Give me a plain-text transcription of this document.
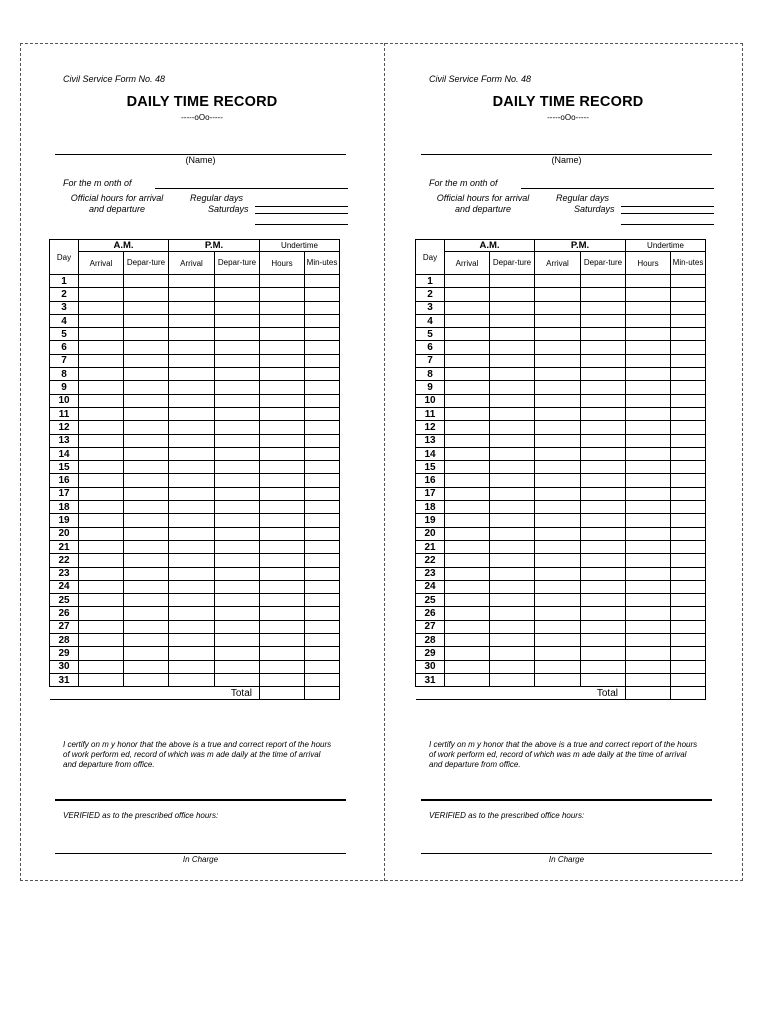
Civil Service Form No. 48
DAILY TIME RECORD
-----oOo-----
(Name)
For the m onth of
Official hours for arrival and departure
Regular days
Saturdays
Day	A.M.		P.M.		Undertime	
	Arrival	Depar-ture	Arrival	Depar-ture	Hours	Min-utes
1						
2						
3						
4						
5						
6						
7						
8						
9						
10						
11						
12						
13						
14						
15						
16						
17						
18						
19						
20						
21						
22						
23						
24						
25						
26						
27						
28						
29						
30						
31						
Total						
I certify on m y honor that the above is a true and correct report of the hours of work perform ed, record of which was m ade daily at the time of arrival and departure from office.
VERIFIED as to the prescribed office hours:
In Charge
Civil Service Form No. 48
DAILY TIME RECORD
-----oOo-----
(Name)
For the m onth of
Official hours for arrival and departure
Regular days
Saturdays
Day	A.M.		P.M.		Undertime	
	Arrival	Depar-ture	Arrival	Depar-ture	Hours	Min-utes
1						
2						
3						
4						
5						
6						
7						
8						
9						
10						
11						
12						
13						
14						
15						
16						
17						
18						
19						
20						
21						
22						
23						
24						
25						
26						
27						
28						
29						
30						
31						
Total						
I certify on m y honor that the above is a true and correct report of the hours of work perform ed, record of which was m ade daily at the time of arrival and departure from office.
VERIFIED as to the prescribed office hours:
In Charge
